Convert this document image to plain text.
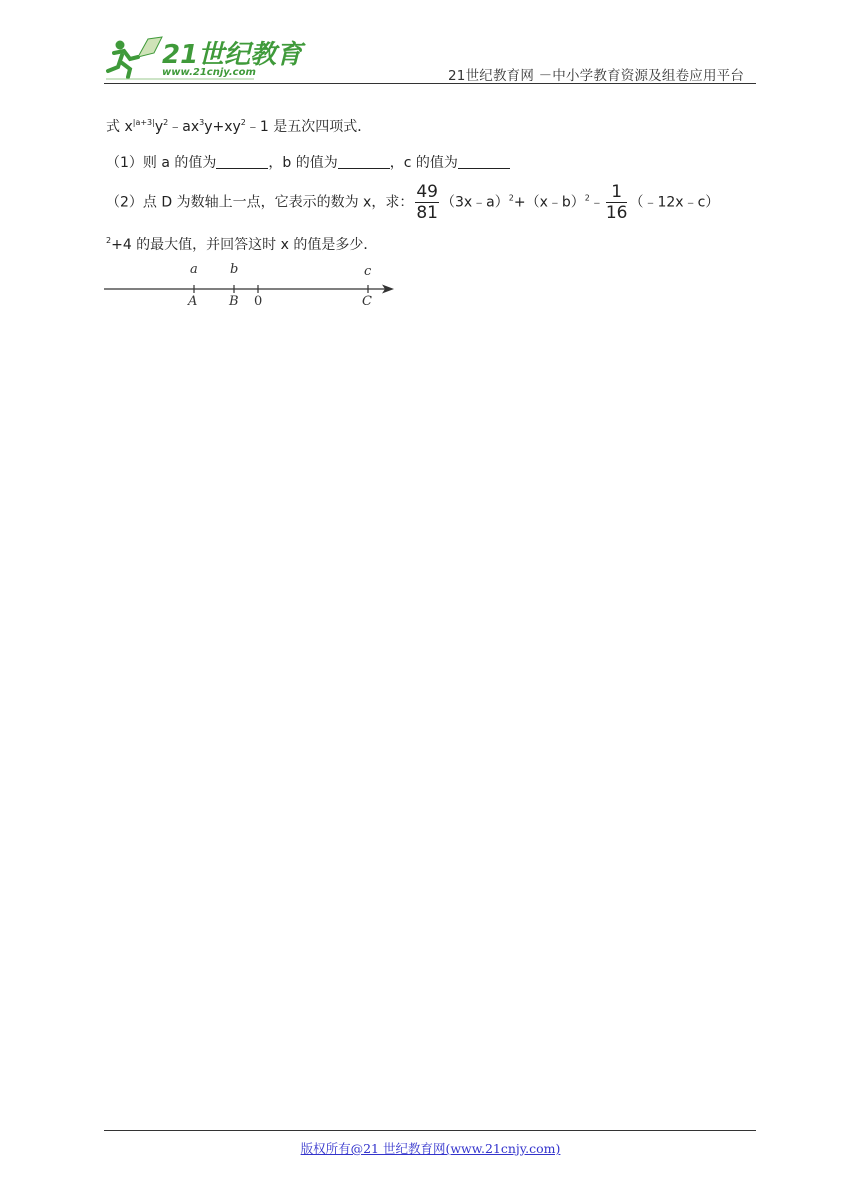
21世纪教育
www.21cnjy.com	21世纪教育网 －中小学教育资源及组卷应用平台
式 $x^{|a+3|}y^2﹣ax^3y+xy^2﹣1$ 是五次四项式．
（1）则 a 的值为	，b 的值为	，c 的值为
（2）点 D 为数轴上一点，它表示的数为 x，求： $\frac{49}{81}$ （3x﹣a）$^2$+（x﹣b）$^2$﹣ $\frac{1}{16}$ （﹣12x﹣c）
$^2$+4 的最大值，并回答这时 x 的值是多少．
a b	c
A B 0	C
版权所有@21 世纪教育网(www.21cnjy.com)
